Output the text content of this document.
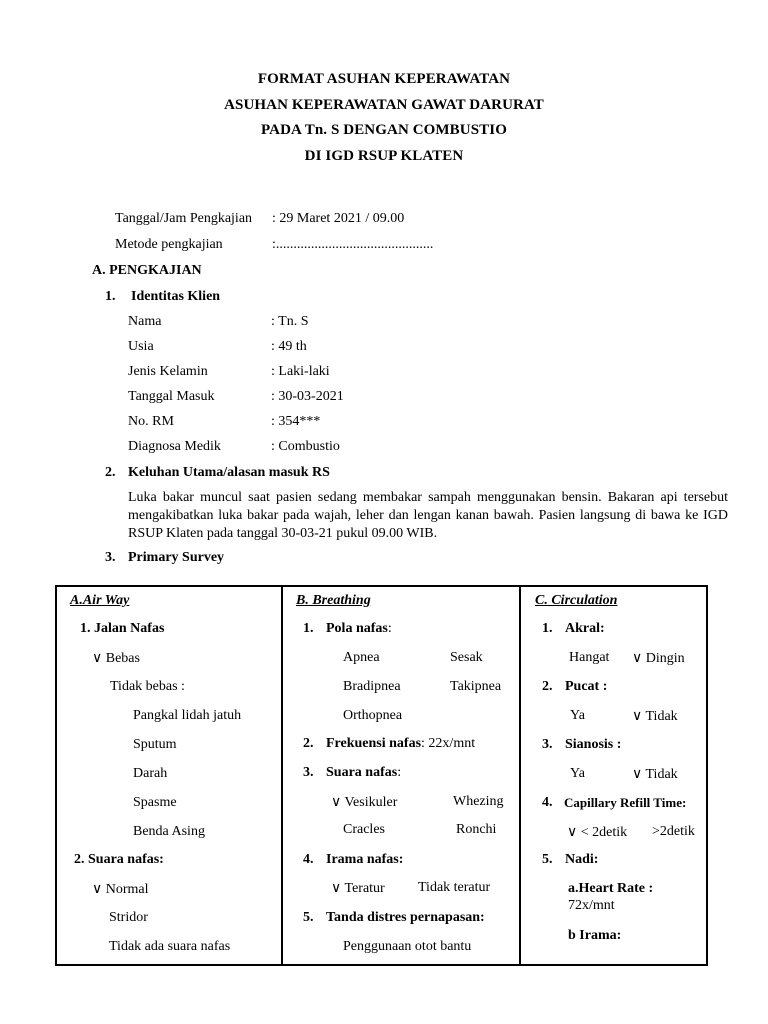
FORMAT ASUHAN KEPERAWATAN
ASUHAN KEPERAWATAN GAWAT DARURAT
PADA Tn. S DENGAN COMBUSTIO
DI IGD RSUP KLATEN
Tanggal/Jam Pengkajian : 29 Maret 2021 / 09.00
Metode pengkajian	:.............................................
A. PENGKAJIAN
1. Identitas Klien
Nama	: Tn. S
Usia	: 49 th
Jenis Kelamin	: Laki-laki
Tanggal Masuk	: 30-03-2021
No. RM	: 354***
Diagnosa Medik	: Combustio
2. Keluhan Utama/alasan masuk RS
Luka bakar muncul saat pasien sedang membakar sampah menggunakan bensin. Bakaran api tersebut mengakibatkan luka bakar pada wajah, leher dan lengan kanan bawah. Pasien langsung di bawa ke IGD RSUP Klaten pada tanggal 30-03-21 pukul 09.00 WIB.
3. Primary Survey
A.Air Way
1. Jalan Nafas
∨ Bebas
Tidak bebas :
Pangkal lidah jatuh
Sputum
Darah
Spasme
Benda Asing
2. Suara nafas:
∨ Normal
Stridor
Tidak ada suara nafas
B. Breathing
1. Pola nafas:
Apnea	Sesak
Bradipnea	Takipnea
Orthopnea
2. Frekuensi nafas: 22x/mnt
3. Suara nafas:
∨ Vesikuler	Whezing
Cracles	Ronchi
4. Irama nafas:
∨ Teratur Tidak teratur
5. Tanda distres pernapasan:
Penggunaan otot bantu
C. Circulation
1. Akral:
Hangat ∨ Dingin
2. Pucat :
Ya	∨ Tidak
3. Sianosis :
Ya	∨ Tidak
4. Capillary Refill Time:
∨ < 2detik >2detik
5. Nadi:
a.Heart Rate :
72x/mnt
b Irama:
